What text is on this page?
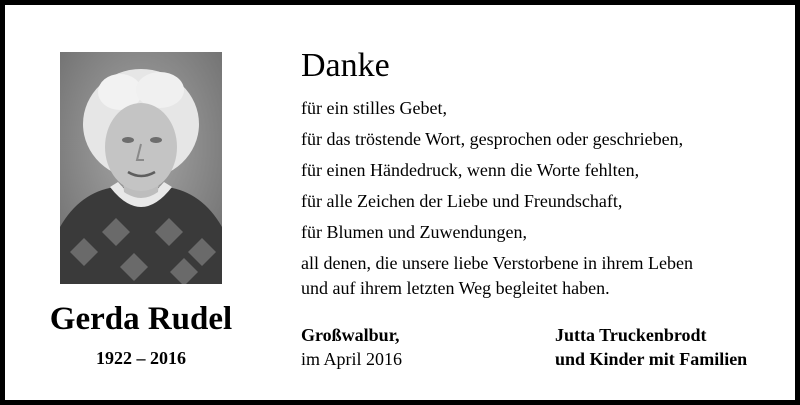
Gerda Rudel
1922 – 2016
Danke
für ein stilles Gebet,
für das tröstende Wort, gesprochen oder geschrieben,
für einen Händedruck, wenn die Worte fehlten,
für alle Zeichen der Liebe und Freundschaft,
für Blumen und Zuwendungen,
all denen, die unsere liebe Verstorbene in ihrem Leben
und auf ihrem letzten Weg begleitet haben.
Großwalbur,
im April 2016
Jutta Truckenbrodt
und Kinder mit Familien
